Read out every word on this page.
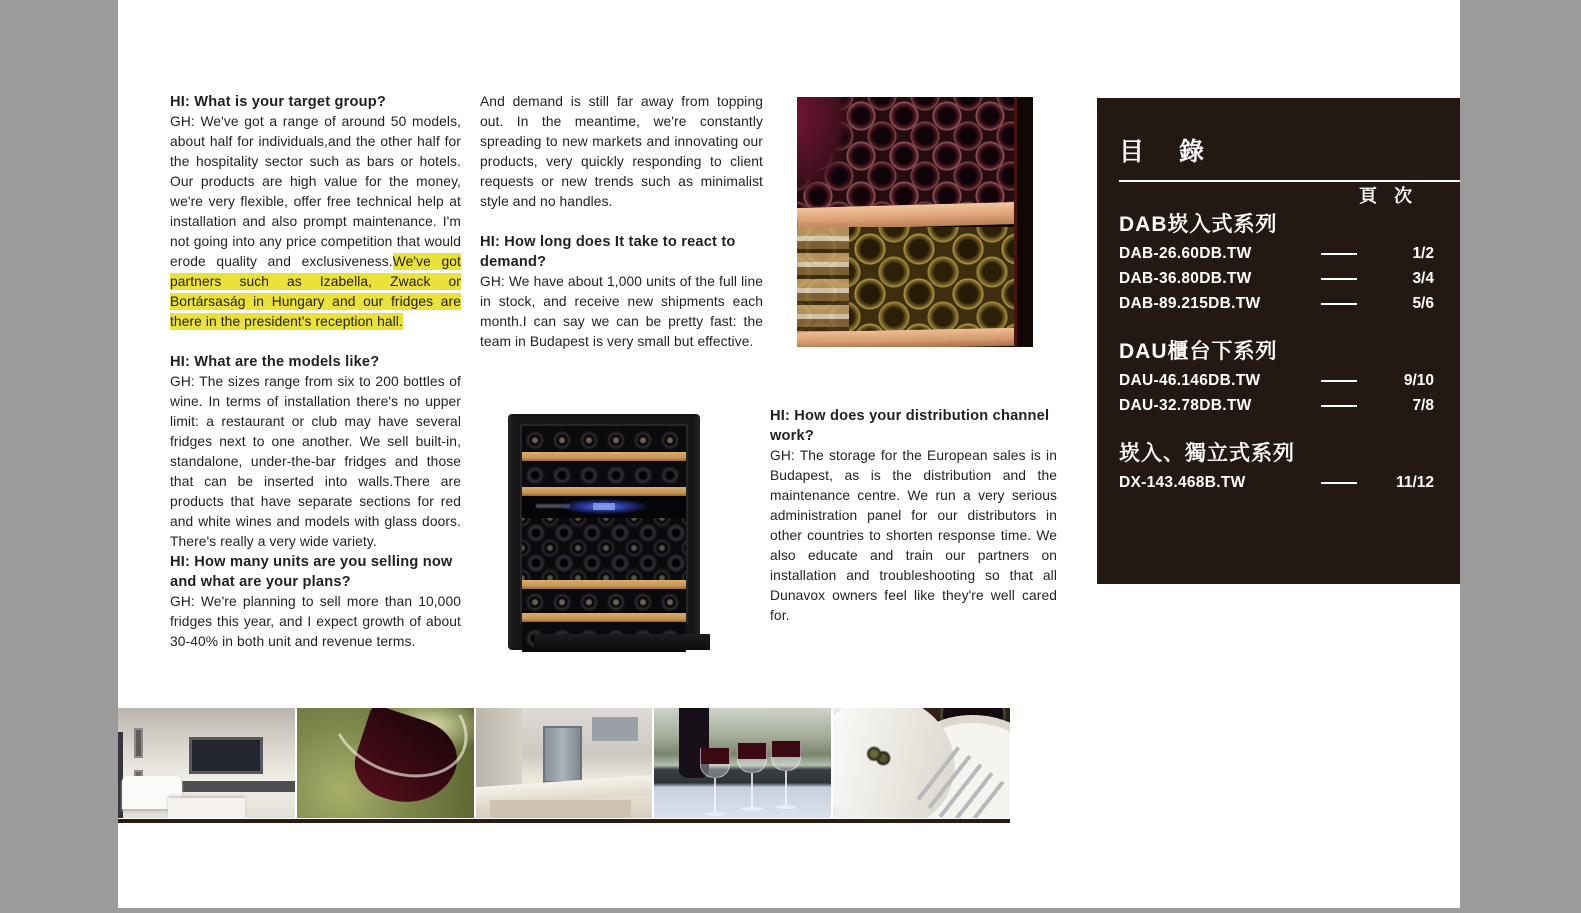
HI: What is your target group?

GH: We've got a range of around 50 models, about half for individuals,and the other half for the hospitality sector such as bars or hotels. Our products are high value for the money, we're very flexible, offer free technical help at installation and also prompt maintenance. I'm not going into any price competition that would erode quality and exclusiveness.We've got partners such as Izabella, Zwack or Bortársaság in Hungary and our fridges are there in the president's reception hall.

HI: What are the models like?

GH: The sizes range from six to 200 bottles of wine. In terms of installation there's no upper limit: a restaurant or club may have several fridges next to one another. We sell built-in, standalone, under-the-bar fridges and those that can be inserted into walls.There are products that have separate sections for red and white wines and models with glass doors. There's really a very wide variety.

HI: How many units are you selling now and what are your plans?

GH: We're planning to sell more than 10,000 fridges this year, and I expect growth of about 30-40% in both unit and revenue terms.

And demand is still far away from topping out. In the meantime, we're constantly spreading to new markets and innovating our products, very quickly responding to client requests or new trends such as minimalist style and no handles.

HI: How long does It take to react to demand?

GH: We have about 1,000 units of the full line in stock, and receive new shipments each month.I can say we can be pretty fast: the team in Budapest is very small but effective.

HI: How does your distribution channel work?

GH: The storage for the European sales is in Budapest, as is the distribution and the maintenance centre. We run a very serious administration panel for our distributors in other countries to shorten response time. We also educate and train our partners on installation and troubleshooting so that all Dunavox owners feel like they're well cared for.

目 錄
頁 次
DAB崁入式系列
DAB-26.60DB.TW	1/2
DAB-36.80DB.TW	3/4
DAB-89.215DB.TW	5/6
DAU櫃台下系列
DAU-46.146DB.TW	9/10
DAU-32.78DB.TW	7/8
崁入、獨立式系列
DX-143.468B.TW	11/12
